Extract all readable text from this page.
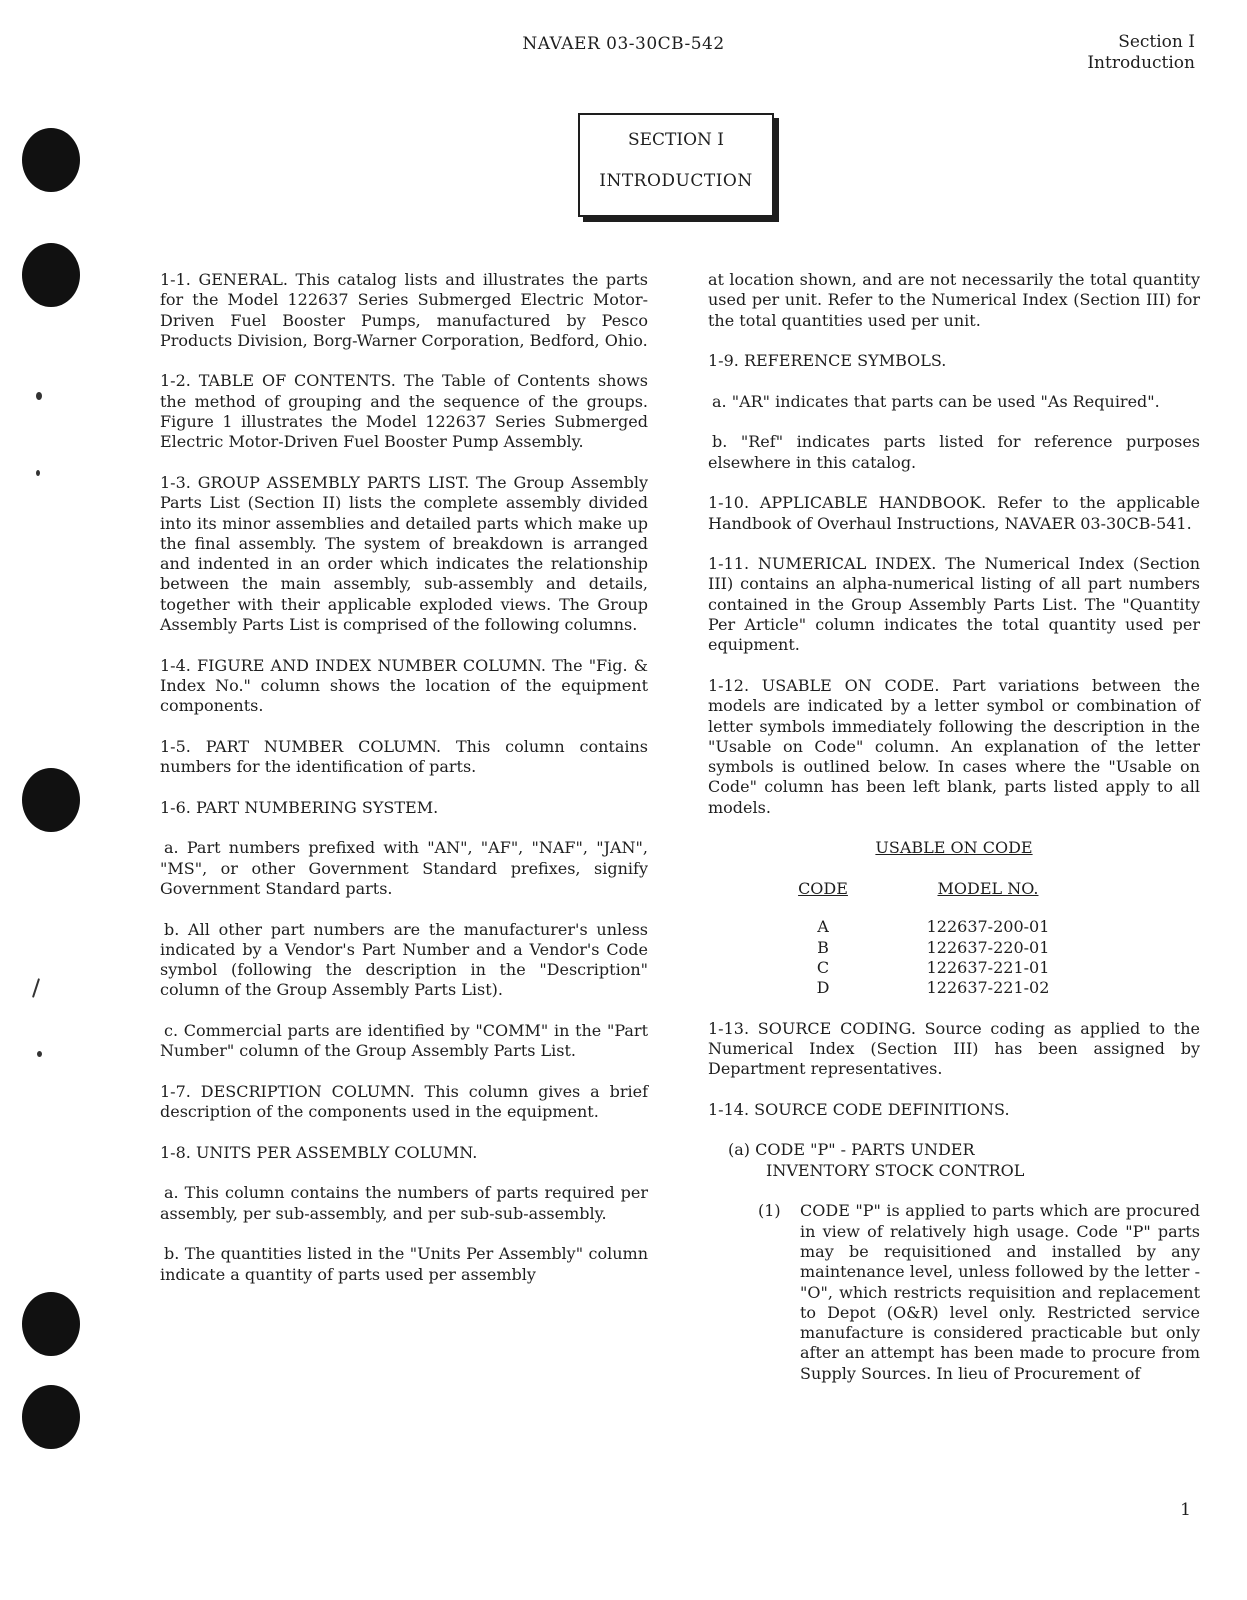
NAVAER 03-30CB-542	Section I
Introduction
SECTION I
INTRODUCTION

1-1. GENERAL. This catalog lists and illustrates the parts for the Model 122637 Series Submerged Electric Motor-Driven Fuel Booster Pumps, manufactured by Pesco Products Division, Borg-Warner Corporation, Bedford, Ohio.

1-2. TABLE OF CONTENTS. The Table of Contents shows the method of grouping and the sequence of the groups. Figure 1 illustrates the Model 122637 Series Submerged Electric Motor-Driven Fuel Booster Pump Assembly.

1-3. GROUP ASSEMBLY PARTS LIST. The Group Assembly Parts List (Section II) lists the complete assembly divided into its minor assemblies and detailed parts which make up the final assembly. The system of breakdown is arranged and indented in an order which indicates the relationship between the main assembly, sub-assembly and details, together with their applicable exploded views. The Group Assembly Parts List is comprised of the following columns.

1-4. FIGURE AND INDEX NUMBER COLUMN. The "Fig. & Index No." column shows the location of the equipment components.

1-5. PART NUMBER COLUMN. This column contains numbers for the identification of parts.

1-6. PART NUMBERING SYSTEM.

a. Part numbers prefixed with "AN", "AF", "NAF", "JAN", "MS", or other Government Standard prefixes, signify Government Standard parts.

b. All other part numbers are the manufacturer's unless indicated by a Vendor's Part Number and a Vendor's Code symbol (following the description in the "Description" column of the Group Assembly Parts List).

c. Commercial parts are identified by "COMM" in the "Part Number" column of the Group Assembly Parts List.

1-7. DESCRIPTION COLUMN. This column gives a brief description of the components used in the equipment.

1-8. UNITS PER ASSEMBLY COLUMN.

a. This column contains the numbers of parts required per assembly, per sub-assembly, and per sub-sub-assembly.

b. The quantities listed in the "Units Per Assembly" column indicate a quantity of parts used per assembly

at location shown, and are not necessarily the total quantity used per unit. Refer to the Numerical Index (Section III) for the total quantities used per unit.

1-9. REFERENCE SYMBOLS.

a. "AR" indicates that parts can be used "As Required".

b. "Ref" indicates parts listed for reference purposes elsewhere in this catalog.

1-10. APPLICABLE HANDBOOK. Refer to the applicable Handbook of Overhaul Instructions, NAVAER 03-30CB-541.

1-11. NUMERICAL INDEX. The Numerical Index (Section III) contains an alpha-numerical listing of all part numbers contained in the Group Assembly Parts List. The "Quantity Per Article" column indicates the total quantity used per equipment.

1-12. USABLE ON CODE. Part variations between the models are indicated by a letter symbol or combination of letter symbols immediately following the description in the "Usable on Code" column. An explanation of the letter symbols is outlined below. In cases where the "Usable on Code" column has been left blank, parts listed apply to all models.

USABLE ON CODE

CODE	MODEL NO.
A	122637-200-01
B	122637-220-01
C	122637-221-01
D	122637-221-02

1-13. SOURCE CODING. Source coding as applied to the Numerical Index (Section III) has been assigned by Department representatives.

1-14. SOURCE CODE DEFINITIONS.

(a) CODE "P" - PARTS UNDER
INVENTORY STOCK CONTROL

(1)	CODE "P" is applied to parts which are procured in view of relatively high usage. Code "P" parts may be requisitioned and installed by any maintenance level, unless followed by the letter - "O", which restricts requisition and replacement to Depot (O&R) level only. Restricted service manufacture is considered practicable but only after an attempt has been made to procure from Supply Sources. In lieu of Procurement of
1
